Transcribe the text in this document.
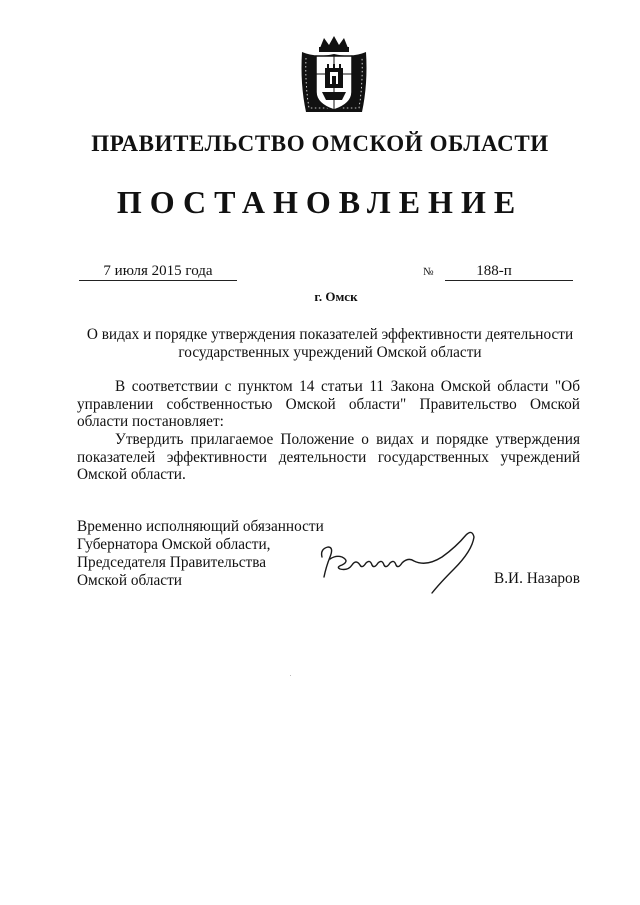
ПРАВИТЕЛЬСТВО ОМСКОЙ ОБЛАСТИ
ПОСТАНОВЛЕНИЕ
7 июля 2015 года	№	188-п
г. Омск
О видах и порядке утверждения показателей эффективности деятельности
государственных учреждений Омской области
В соответствии с пунктом 14 статьи 11 Закона Омской области "Об управлении собственностью Омской области" Правительство Омской области постановляет:
Утвердить прилагаемое Положение о видах и порядке утверждения показателей эффективности деятельности государственных учреждений Омской области.
Временно исполняющий обязанности
Губернатора Омской области,
Председателя Правительства
Омской области	В.И. Назаров
